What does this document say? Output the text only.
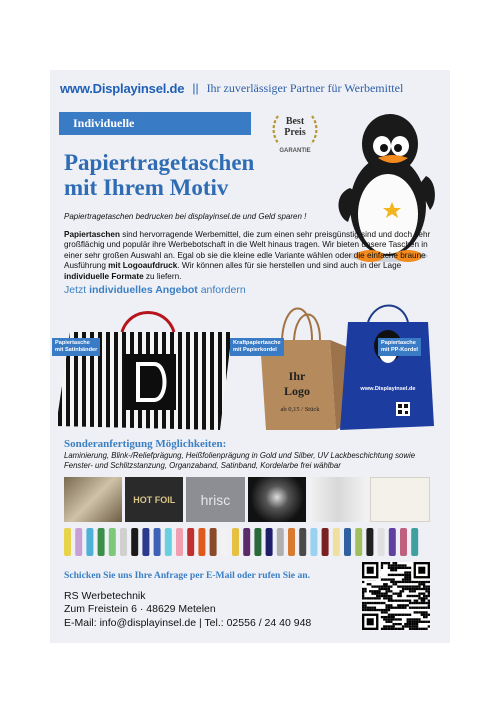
www.Displayinsel.de || Ihr zuverlässiger Partner für Werbemittel
Individuelle	Best
Preis
GARANTIE
Papiertragetaschen
mit Ihrem Motiv
Papiertragetaschen bedrucken bei displayinsel.de und Geld sparen !

Papiertaschen sind hervorragende Werbemittel, die zum einen sehr preisgünstig sind und doch sehr großflächig und populär ihre Werbebotschaft in die Welt hinaus tragen. Wir bieten unsere Taschen in einer sehr großen Auswahl an. Egal ob sie die kleine edle Variante wählen oder die einfache braune Ausführung mit Logoaufdruck. Wir können alles für sie herstellen und sind auch in der Lage individuelle Formate zu liefern.

Jetzt individuelles Angebot anfordern
Ihr
Logo
ab 0,15 / Stück
www.Displayinsel.de
Papiertasche
mit Satinbänder
Kraftpapiertasche
mit Papierkordel
Papiertasche
mit PP-Kordel
Sonderanfertigung Möglichkeiten:
Laminierung, Blink-/Reliefprägung, Heißfolienprägung in Gold und Silber, UV Lackbeschichtung sowie Fenster- und Schlitzstanzung, Organzaband, Satinband, Kordelarbe frei wählbar
HOT FOIL hrisc
Schicken Sie uns Ihre Anfrage per E-Mail oder rufen Sie an.
RS Werbetechnik
Zum Freistein 6 · 48629 Metelen
E-Mail: info@displayinsel.de | Tel.: 02556 / 24 40 948
